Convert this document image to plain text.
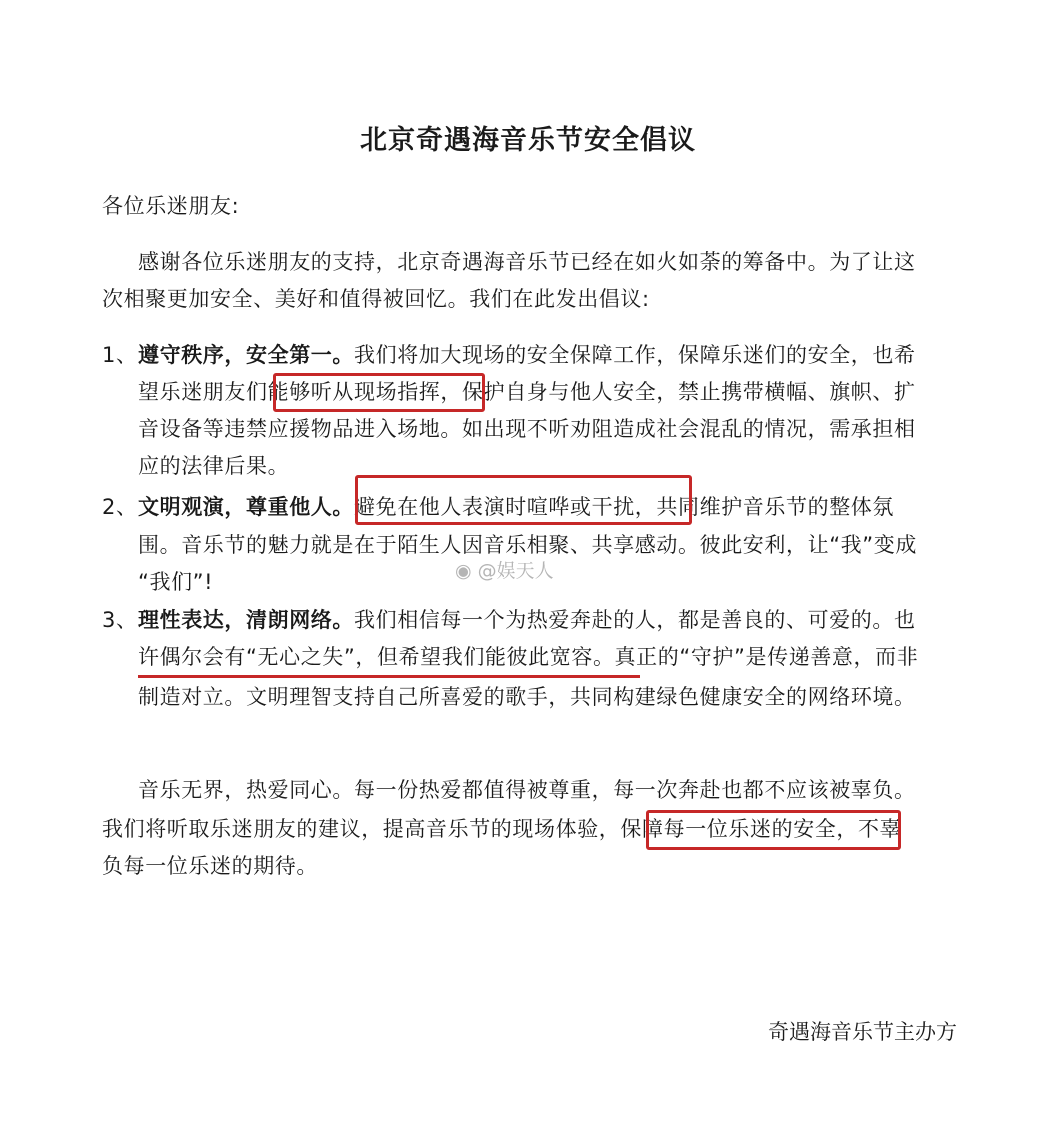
北京奇遇海音乐节安全倡议
各位乐迷朋友:
感谢各位乐迷朋友的支持，北京奇遇海音乐节已经在如火如荼的筹备中。为了让这
次相聚更加安全、美好和值得被回忆。我们在此发出倡议:
1、遵守秩序，安全第一。我们将加大现场的安全保障工作，保障乐迷们的安全，也希
望乐迷朋友们能够听从现场指挥，保护自身与他人安全，禁止携带横幅、旗帜、扩
音设备等违禁应援物品进入场地。如出现不听劝阻造成社会混乱的情况，需承担相
应的法律后果。
2、文明观演，尊重他人。避免在他人表演时喧哗或干扰，共同维护音乐节的整体氛
围。音乐节的魅力就是在于陌生人因音乐相聚、共享感动。彼此安利，让“我”变成
“我们”!
3、理性表达，清朗网络。我们相信每一个为热爱奔赴的人，都是善良的、可爱的。也
许偶尔会有“无心之失”，但希望我们能彼此宽容。真正的“守护”是传递善意，而非
制造对立。文明理智支持自己所喜爱的歌手，共同构建绿色健康安全的网络环境。
音乐无界，热爱同心。每一份热爱都值得被尊重，每一次奔赴也都不应该被辜负。
我们将听取乐迷朋友的建议，提高音乐节的现场体验，保障每一位乐迷的安全，不辜
负每一位乐迷的期待。
◉ @娱天人
奇遇海音乐节主办方
